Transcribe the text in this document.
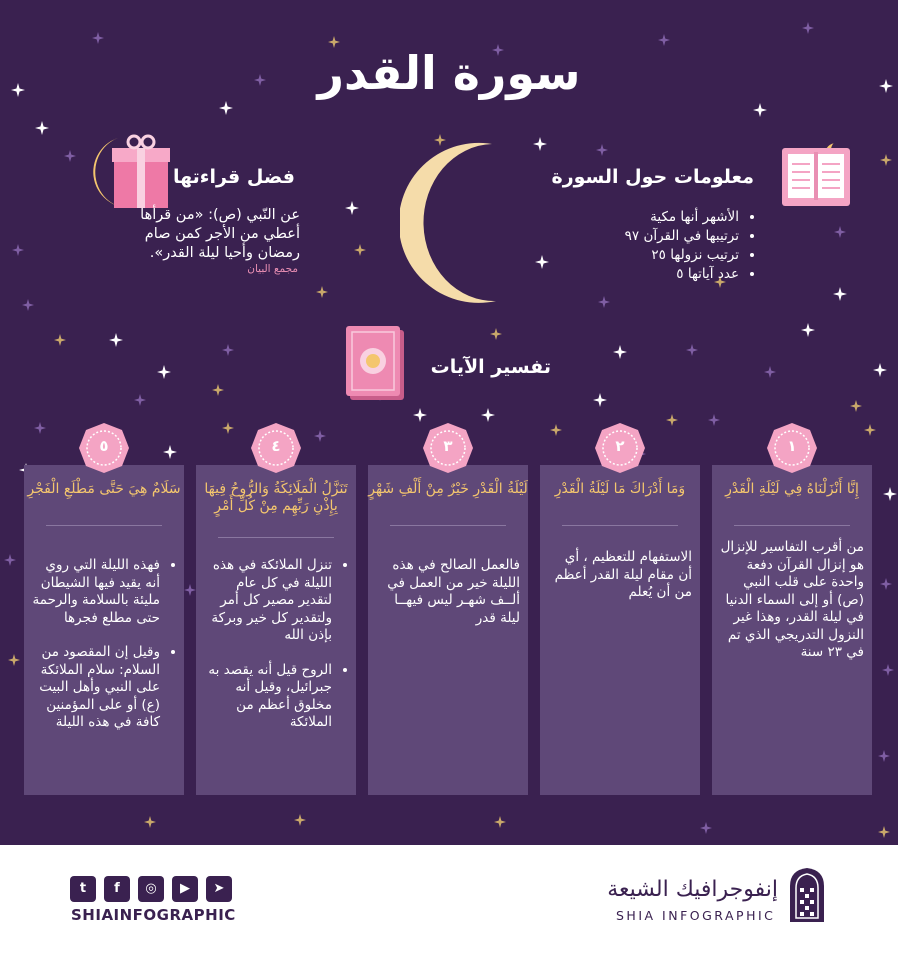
سورة القدر
معلومات حول السورة
• الأشهر أنها مكية
• ترتيبها في القرآن ٩٧
• ترتيب نزولها ٢٥
• عدد آياتها ٥
فضل قراءتها
عن النّبي (ص): «من قرأها أعطي من الأجر كمن صام رمضان وأحيا ليلة القدر».
مجمع البيان
تفسير الآيات
إِنَّا أَنْزَلْنَاهُ فِي لَيْلَةِ الْقَدْرِ
من أقرب التفاسير للإنزال هو إنزال القرآن دفعة واحدة على قلب النبي (ص) أو إلى السماء الدنيا في ليلة القدر، وهذا غير النزول التدريجي الذي تم في ٢٣ سنة
وَمَا أَدْرَاكَ مَا لَيْلَةُ الْقَدْرِ
الاستفهام للتعظيم ، أي أن مقام ليلة القدر أعظم من أن يُعلم
لَيْلَةُ الْقَدْرِ خَيْرٌ مِنْ أَلْفِ شَهْرٍ
فالعمل الصالح في هذه الليلة خير من العمل في ألــف شهـر ليس فيهــا ليلة قدر
تَنَزَّلُ الْمَلَائِكَةُ وَالرُّوحُ فِيهَا بِإِذْنِ رَبِّهِم مِنْ كُلِّ أَمْرٍ
• تنزل الملائكة في هذه الليلة في كل عام لتقدير مصير كل أمر ولتقدير كل خير وبركة بإذن الله
• الروح قيل أنه يقصد به جبرائيل، وقيل أنه مخلوق أعظم من الملائكة
سَلَامٌ هِيَ حَتَّى مَطْلَعِ الْفَجْرِ
• فهذه الليلة التي روي أنه يقيد فيها الشيطان مليئة بالسلامة والرحمة حتى مطلع فجرها
• وقيل إن المقصود من السلام: سلام الملائكة على النبي وأهل البيت (ع) أو على المؤمنين كافة في هذه الليلة
١
٢
٣
٤
٥
t	f	◎	▶	➤
SHIAINFOGRAPHIC
إنفوجرافيك الشيعة
SHIA INFOGRAPHIC
